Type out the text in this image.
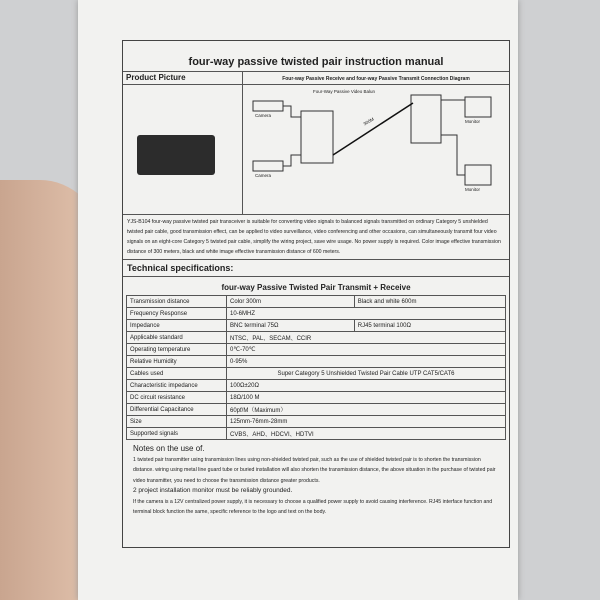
four-way passive twisted pair instruction manual
Product Picture	Four-way Passive Receive and four-way Passive Transmit Connection Diagram
Four-Way Passive Video Balun
Camera
Camera
300M	Monitor
Monitor
YJS-B104 four-way passive twisted pair transceiver is suitable for converting video signals to balanced signals transmitted on ordinary Category 5 unshielded twisted pair cable, good transmission effect, can be applied to video surveillance, video conferencing and other occasions, can simultaneously transmit four video signals on an eight-core Category 5 twisted pair cable, simplify the wiring project, save wire usage. No power supply is required. Color image effective transmission distance of 300 meters, black and white image effective transmission distance of 600 meters.
Technical specifications:
four-way Passive Twisted Pair Transmit + Receive
Transmission distance	Color 300m	Black and white 600m
Frequency Response	10-6MHZ	
Impedance	BNC terminal 75Ω	RJ45 terminal 100Ω
Applicable standard	NTSC、PAL、SECAM、CCIR	
Operating temperature	0℃-70℃	
Relative Humidity	0-95%	
Cables used	Super Category 5 Unshielded Twisted Pair Cable UTP CAT5/CAT6	
Characteristic impedance	100Ω±20Ω	
DC circuit resistance	18Ω/100 M	
Differential Capacitance	60pf/M（Maximum）	
Size	125mm-76mm-28mm	
Supported signals	CVBS、AHD、HDCVI、HDTVI	
Notes on the use of.
1 twisted pair transmitter using transmission lines using non-shielded twisted pair, such as the use of shielded twisted pair is to shorten the transmission distance. wiring using metal line guard tube or buried installation will also shorten the transmission distance, the above situation in the purchase of twisted pair video transmitter, you need to choose the transmission distance greater products.
2 project installation monitor must be reliably grounded.
If the camera is a 12V centralized power supply, it is necessary to choose a qualified power supply to avoid causing interference. RJ45 interface function and terminal block function the same, specific reference to the logo and text on the body.
